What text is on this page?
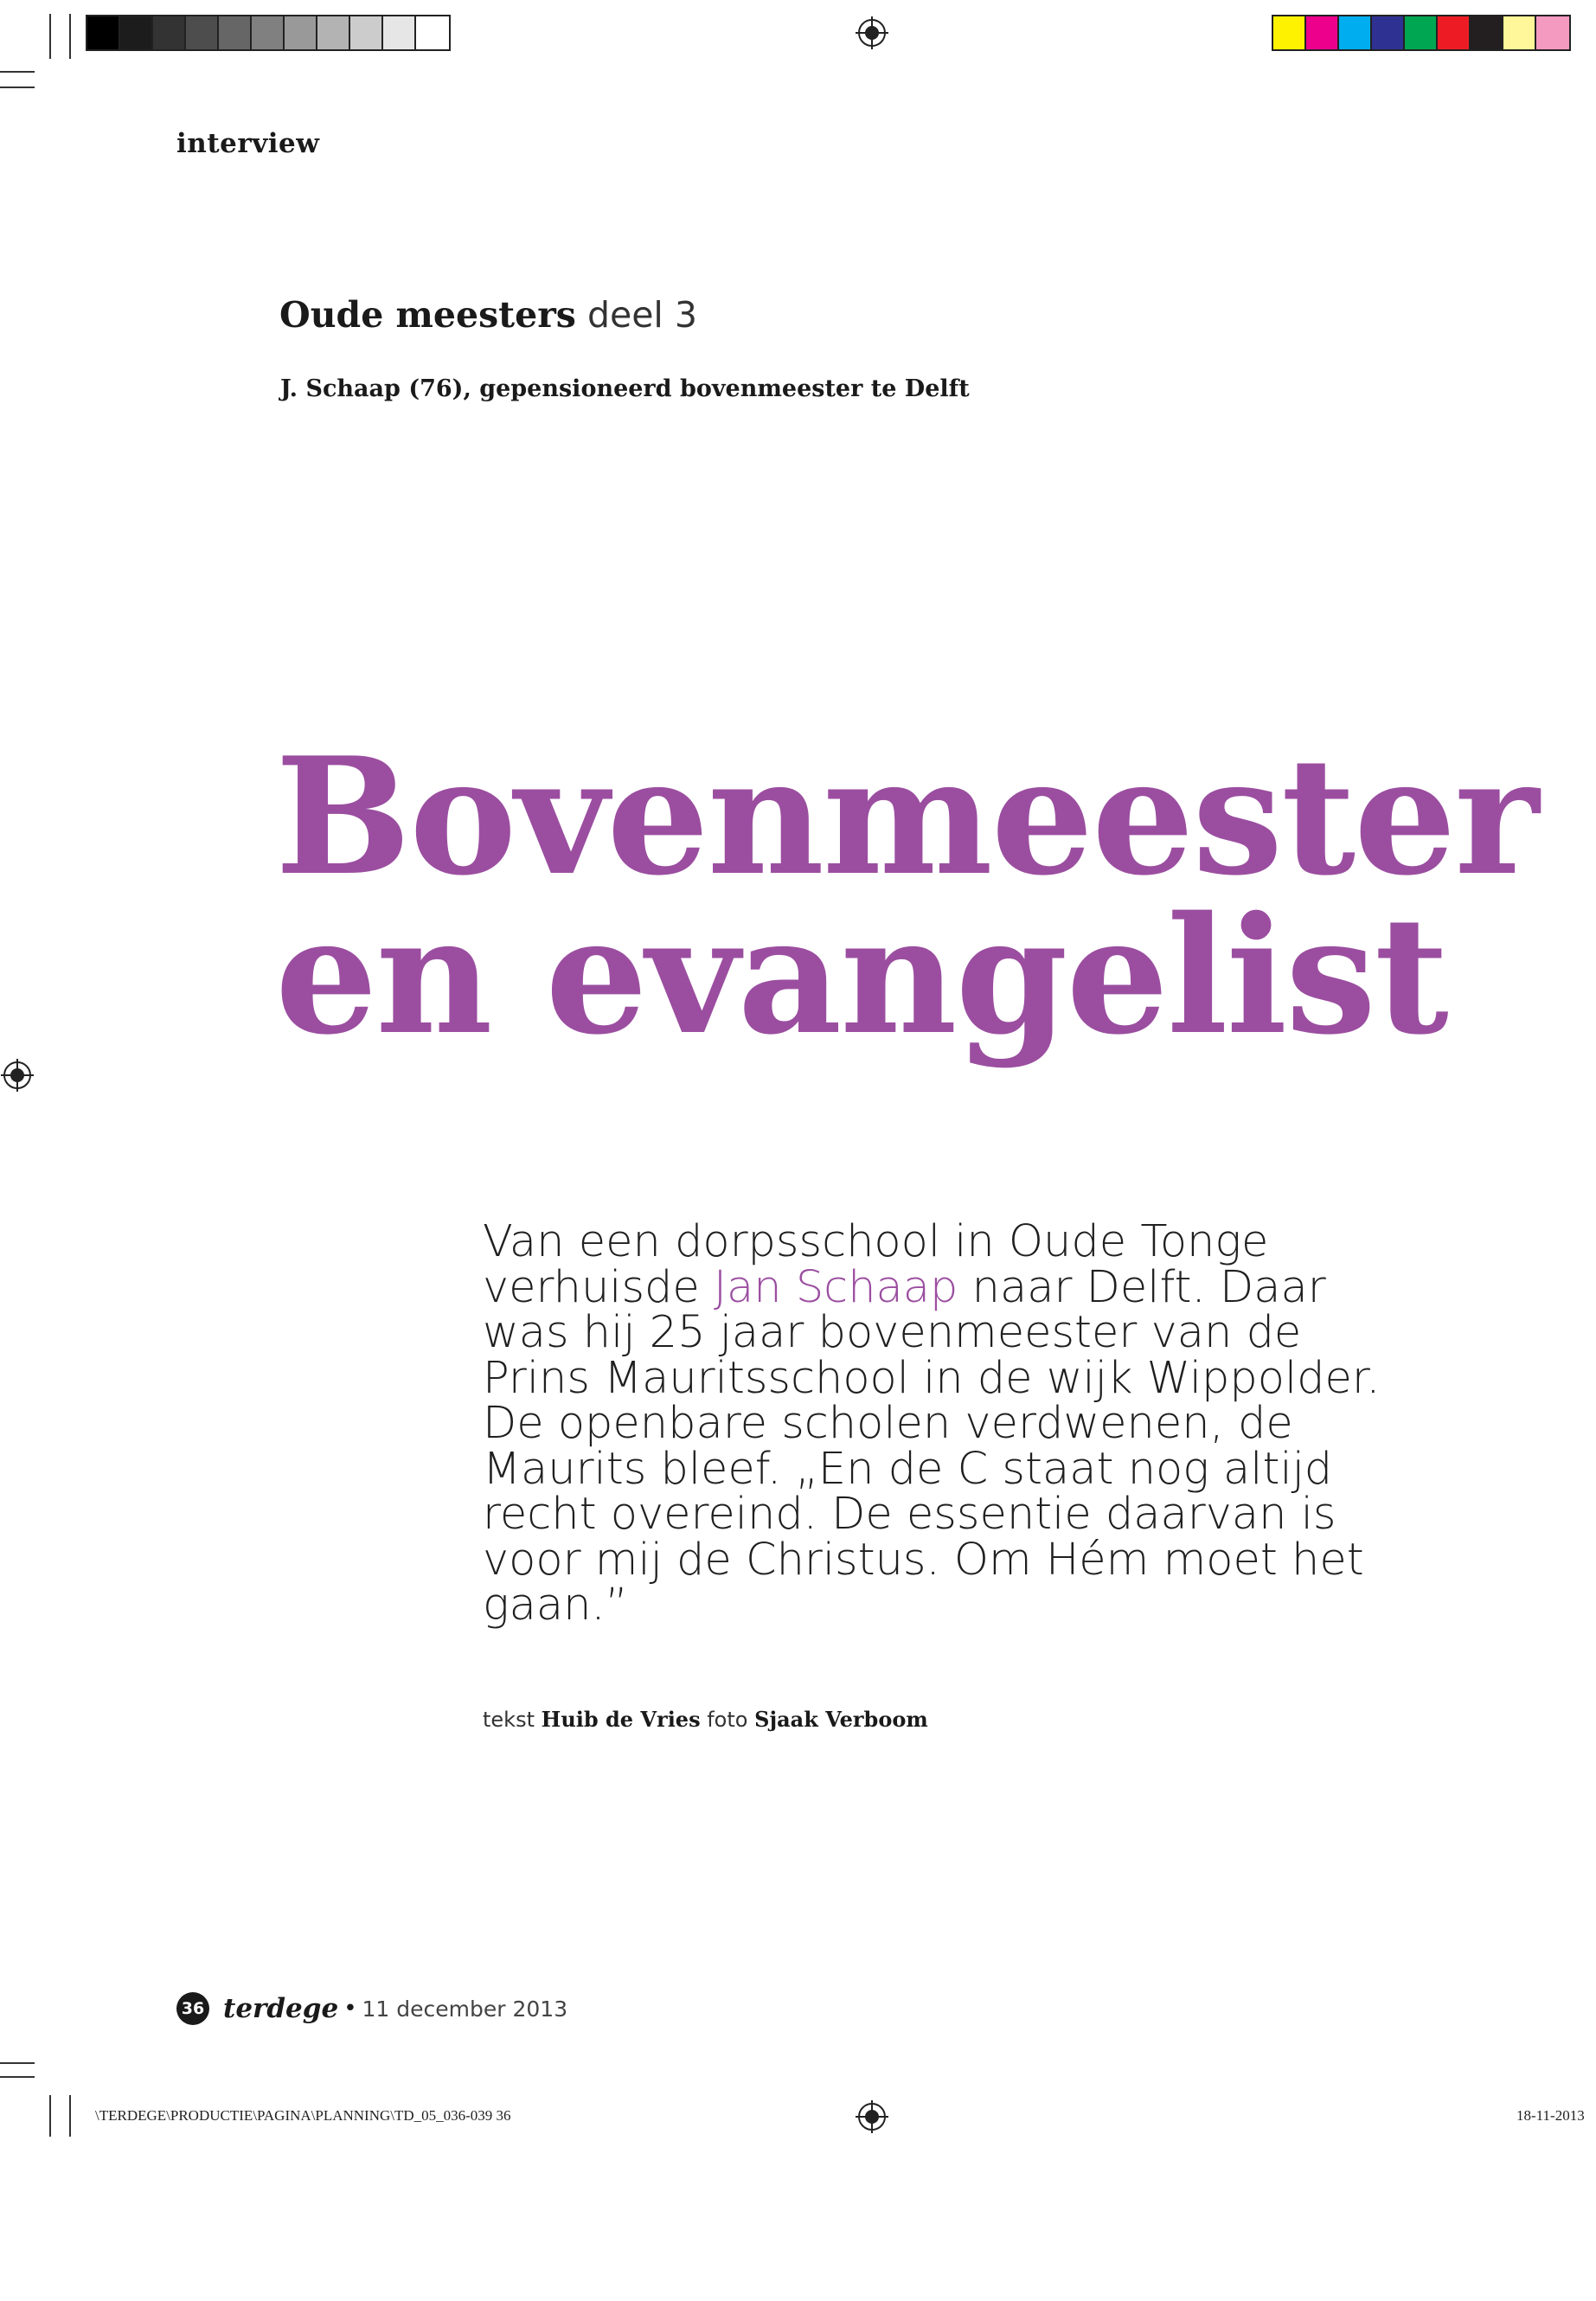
interview
Oude meesters deel 3
J. Schaap (76), gepensioneerd bovenmeester te Delft
Bovenmeester
en evangelist

Van een dorpsschool in Oude Tonge verhuisde Jan Schaap naar Delft. Daar was hij 25 jaar bovenmeester van de Prins Mauritsschool in de wijk Wippolder. De openbare scholen verdwenen, de Maurits bleef. „En de C staat nog altijd recht overeind. De essentie daarvan is voor mij de Christus. Om Hém moet het gaan.”

tekst Huib de Vries foto Sjaak Verboom
36 terdege • 11 december 2013
\TERDEGE\PRODUCTIE\PAGINA\PLANNING\TD_05_036-039 36	18-11-2013
